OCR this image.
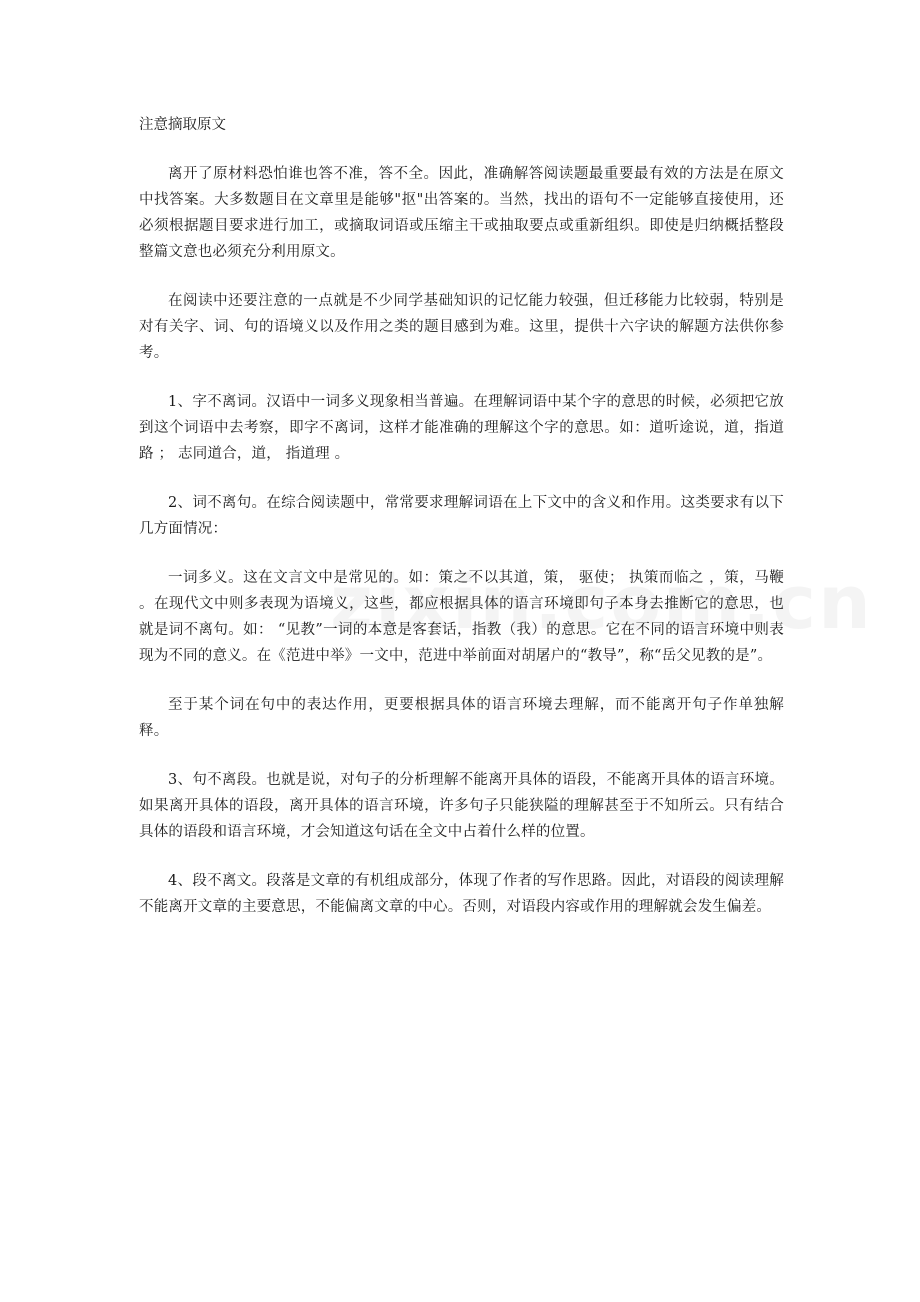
注意摘取原文

离开了原材料恐怕谁也答不准，答不全。因此，准确解答阅读题最重要最有效的方法是在原文中找答案。大多数题目在文章里是能够"抠"出答案的。当然，找出的语句不一定能够直接使用，还必须根据题目要求进行加工，或摘取词语或压缩主干或抽取要点或重新组织。即使是归纳概括整段整篇文意也必须充分利用原文。

在阅读中还要注意的一点就是不少同学基础知识的记忆能力较强，但迁移能力比较弱，特别是对有关字、词、句的语境义以及作用之类的题目感到为难。这里，提供十六字诀的解题方法供你参考。

1、字不离词。汉语中一词多义现象相当普遍。在理解词语中某个字的意思的时候，必须把它放到这个词语中去考察，即字不离词，这样才能准确的理解这个字的意思。如：道听途说，道，指道路 ； 志同道合，道， 指道理 。

2、词不离句。在综合阅读题中，常常要求理解词语在上下文中的含义和作用。这类要求有以下几方面情况：

一词多义。这在文言文中是常见的。如：策之不以其道，策， 驱使； 执策而临之 ，策，马鞭 。在现代文中则多表现为语境义，这些，都应根据具体的语言环境即句子本身去推断它的意思，也就是词不离句。如： “见教”一词的本意是客套话，指教（我）的意思。它在不同的语言环境中则表现为不同的意义。在《范进中举》一文中，范进中举前面对胡屠户的“教导”，称“岳父见教的是”。

至于某个词在句中的表达作用，更要根据具体的语言环境去理解，而不能离开句子作单独解释。

3、句不离段。也就是说，对句子的分析理解不能离开具体的语段，不能离开具体的语言环境。如果离开具体的语段，离开具体的语言环境，许多句子只能狭隘的理解甚至于不知所云。只有结合具体的语段和语言环境，才会知道这句话在全文中占着什么样的位置。

4、段不离文。段落是文章的有机组成部分，体现了作者的写作思路。因此，对语段的阅读理解不能离开文章的主要意思，不能偏离文章的中心。否则，对语段内容或作用的理解就会发生偏差。
